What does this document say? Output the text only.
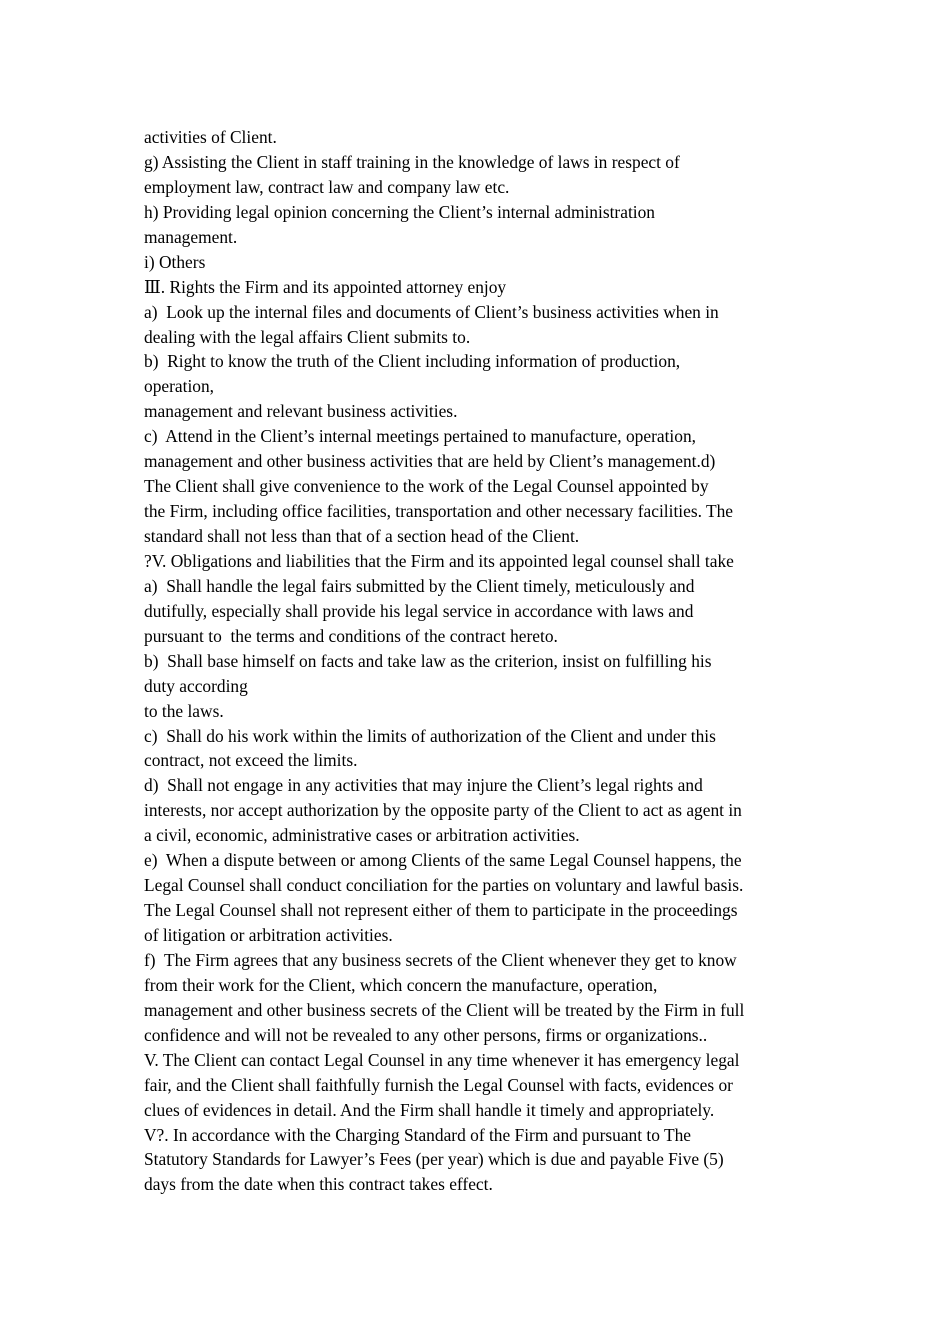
activities of Client.
g) Assisting the Client in staff training in the knowledge of laws in respect of
employment law, contract law and company law etc.
h) Providing legal opinion concerning the Client’s internal administration
management.
i) Others
Ⅲ. Rights the Firm and its appointed attorney enjoy
a)  Look up the internal files and documents of Client’s business activities when in
dealing with the legal affairs Client submits to.
b)  Right to know the truth of the Client including information of production,
operation,
management and relevant business activities.
c)  Attend in the Client’s internal meetings pertained to manufacture, operation,
management and other business activities that are held by Client’s management.d)
The Client shall give convenience to the work of the Legal Counsel appointed by
the Firm, including office facilities, transportation and other necessary facilities. The
standard shall not less than that of a section head of the Client.
?V. Obligations and liabilities that the Firm and its appointed legal counsel shall take
a)  Shall handle the legal fairs submitted by the Client timely, meticulously and
dutifully, especially shall provide his legal service in accordance with laws and
pursuant to  the terms and conditions of the contract hereto.
b)  Shall base himself on facts and take law as the criterion, insist on fulfilling his
duty according
to the laws.
c)  Shall do his work within the limits of authorization of the Client and under this
contract, not exceed the limits.
d)  Shall not engage in any activities that may injure the Client’s legal rights and
interests, nor accept authorization by the opposite party of the Client to act as agent in
a civil, economic, administrative cases or arbitration activities.
e)  When a dispute between or among Clients of the same Legal Counsel happens, the
Legal Counsel shall conduct conciliation for the parties on voluntary and lawful basis.
The Legal Counsel shall not represent either of them to participate in the proceedings
of litigation or arbitration activities.
f)  The Firm agrees that any business secrets of the Client whenever they get to know
from their work for the Client, which concern the manufacture, operation,
management and other business secrets of the Client will be treated by the Firm in full
confidence and will not be revealed to any other persons, firms or organizations..
V. The Client can contact Legal Counsel in any time whenever it has emergency legal
fair, and the Client shall faithfully furnish the Legal Counsel with facts, evidences or
clues of evidences in detail. And the Firm shall handle it timely and appropriately.
V?. In accordance with the Charging Standard of the Firm and pursuant to The
Statutory Standards for Lawyer’s Fees (per year) which is due and payable Five (5)
days from the date when this contract takes effect.
